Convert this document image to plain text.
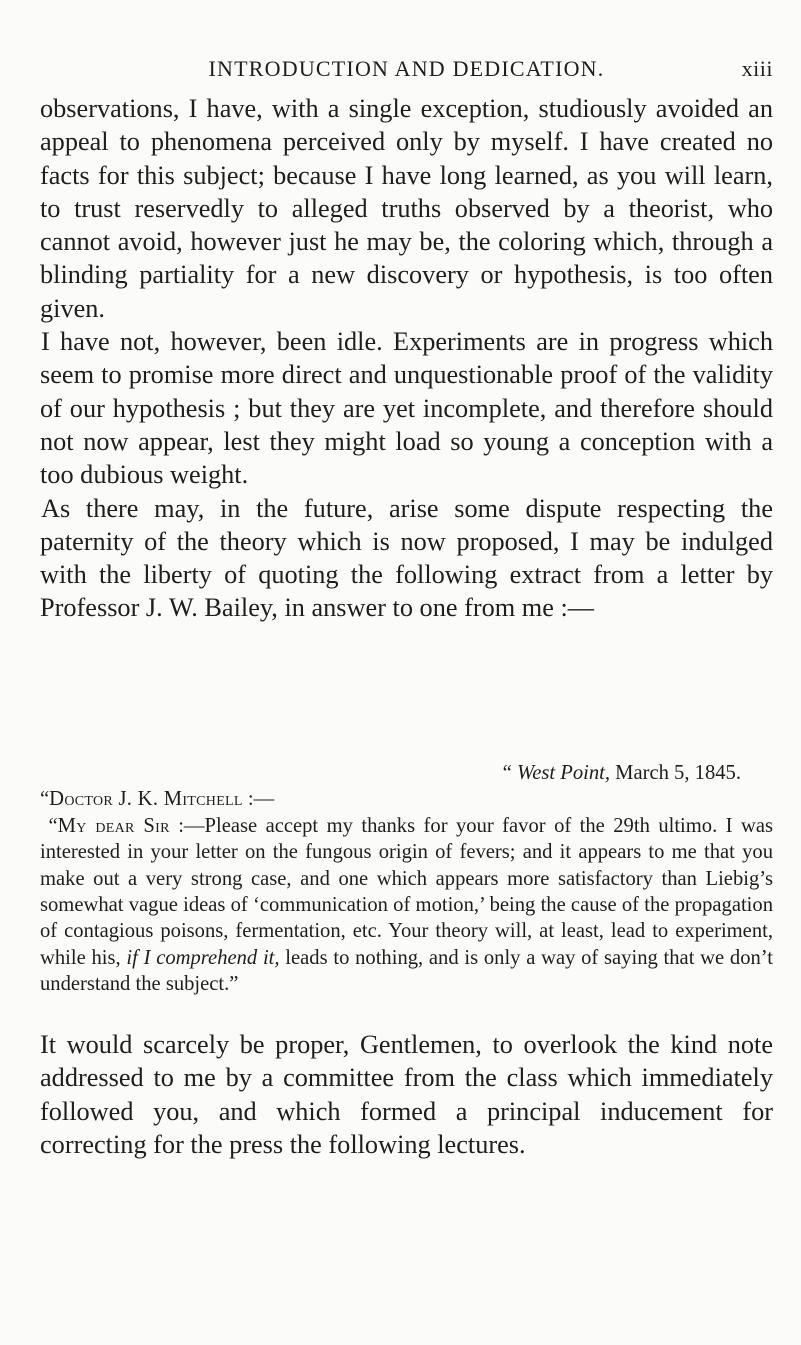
INTRODUCTION AND DEDICATION.	xiii

observations, I have, with a single exception, studiously avoided an appeal to phenomena perceived only by myself. I have created no facts for this subject; because I have long learned, as you will learn, to trust reservedly to alleged truths observed by a theorist, who cannot avoid, however just he may be, the coloring which, through a blinding partiality for a new discovery or hypothesis, is too often given.

I have not, however, been idle. Experiments are in progress which seem to promise more direct and unquestionable proof of the validity of our hypothesis ; but they are yet incomplete, and therefore should not now appear, lest they might load so young a conception with a too dubious weight.

As there may, in the future, arise some dispute respecting the paternity of the theory which is now proposed, I may be indulged with the liberty of quoting the following extract from a letter by Professor J. W. Bailey, in answer to one from me :—

“ West Point, March 5, 1845.

“Doctor J. K. Mitchell :—

“My dear Sir :—Please accept my thanks for your favor of the 29th ultimo. I was interested in your letter on the fungous origin of fevers; and it appears to me that you make out a very strong case, and one which appears more satisfactory than Liebig’s somewhat vague ideas of ‘communication of motion,’ being the cause of the propagation of contagious poisons, fermentation, etc. Your theory will, at least, lead to experiment, while his, if I comprehend it, leads to nothing, and is only a way of saying that we don’t understand the subject.”

It would scarcely be proper, Gentlemen, to overlook the kind note addressed to me by a committee from the class which immediately followed you, and which formed a principal inducement for correcting for the press the following lectures.
